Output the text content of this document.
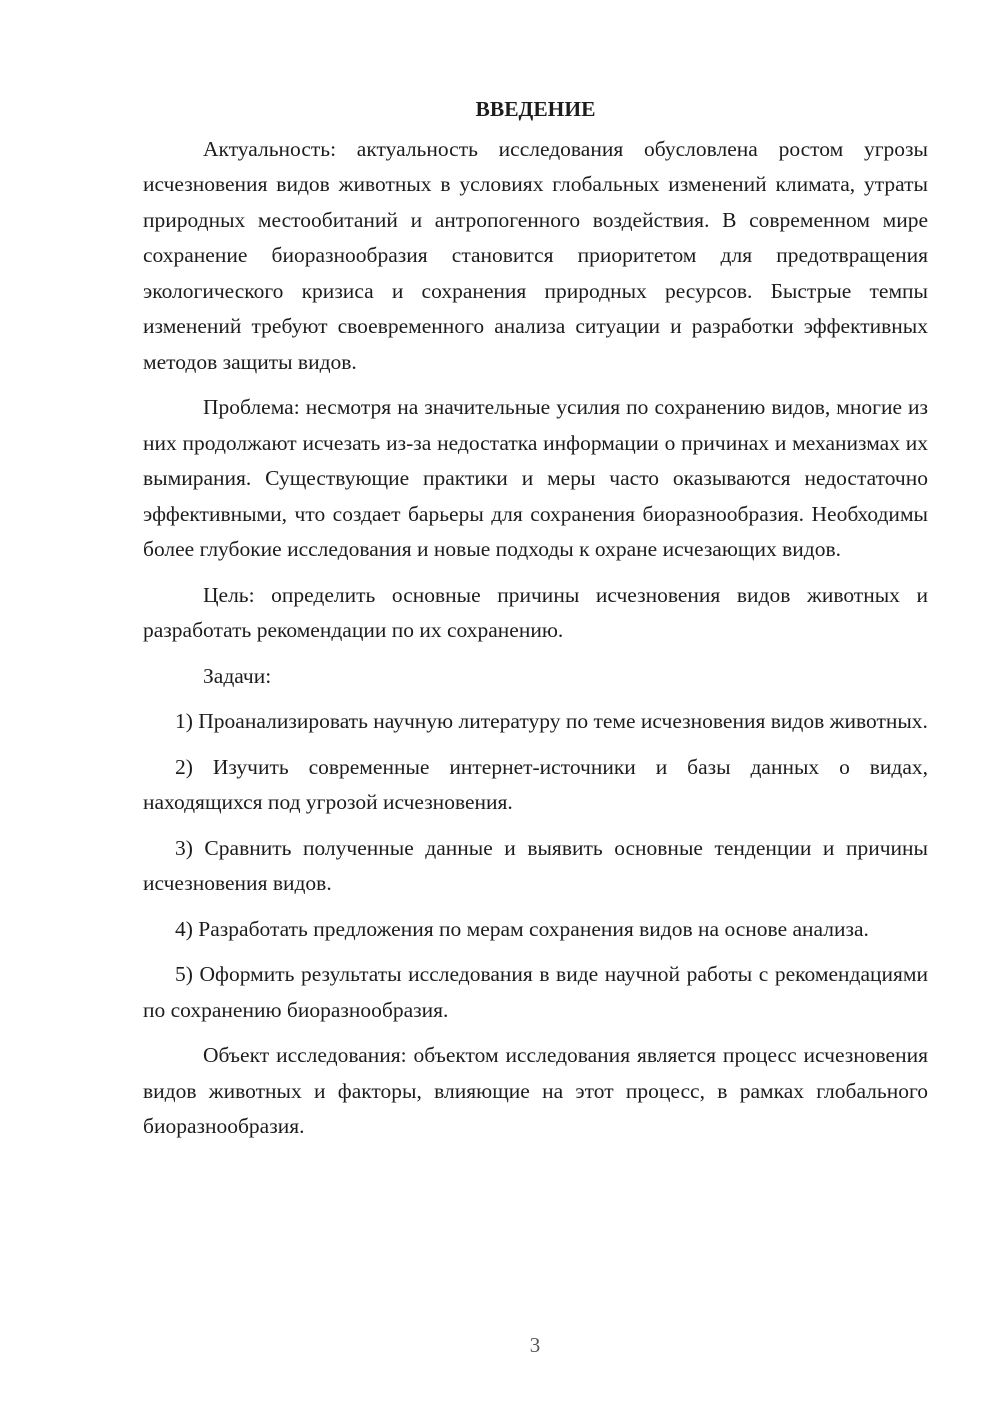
ВВЕДЕНИЕ

Актуальность: актуальность исследования обусловлена ростом угрозы исчезновения видов животных в условиях глобальных изменений климата, утраты природных местообитаний и антропогенного воздействия. В современном мире сохранение биоразнообразия становится приоритетом для предотвращения экологического кризиса и сохранения природных ресурсов. Быстрые темпы изменений требуют своевременного анализа ситуации и разработки эффективных методов защиты видов.

Проблема: несмотря на значительные усилия по сохранению видов, многие из них продолжают исчезать из-за недостатка информации о причинах и механизмах их вымирания. Существующие практики и меры часто оказываются недостаточно эффективными, что создает барьеры для сохранения биоразнообразия. Необходимы более глубокие исследования и новые подходы к охране исчезающих видов.

Цель: определить основные причины исчезновения видов животных и разработать рекомендации по их сохранению.

Задачи:

1) Проанализировать научную литературу по теме исчезновения видов животных.

2) Изучить современные интернет-источники и базы данных о видах, находящихся под угрозой исчезновения.

3) Сравнить полученные данные и выявить основные тенденции и причины исчезновения видов.

4) Разработать предложения по мерам сохранения видов на основе анализа.

5) Оформить результаты исследования в виде научной работы с рекомендациями по сохранению биоразнообразия.

Объект исследования: объектом исследования является процесс исчезновения видов животных и факторы, влияющие на этот процесс, в рамках глобального биоразнообразия.

3
